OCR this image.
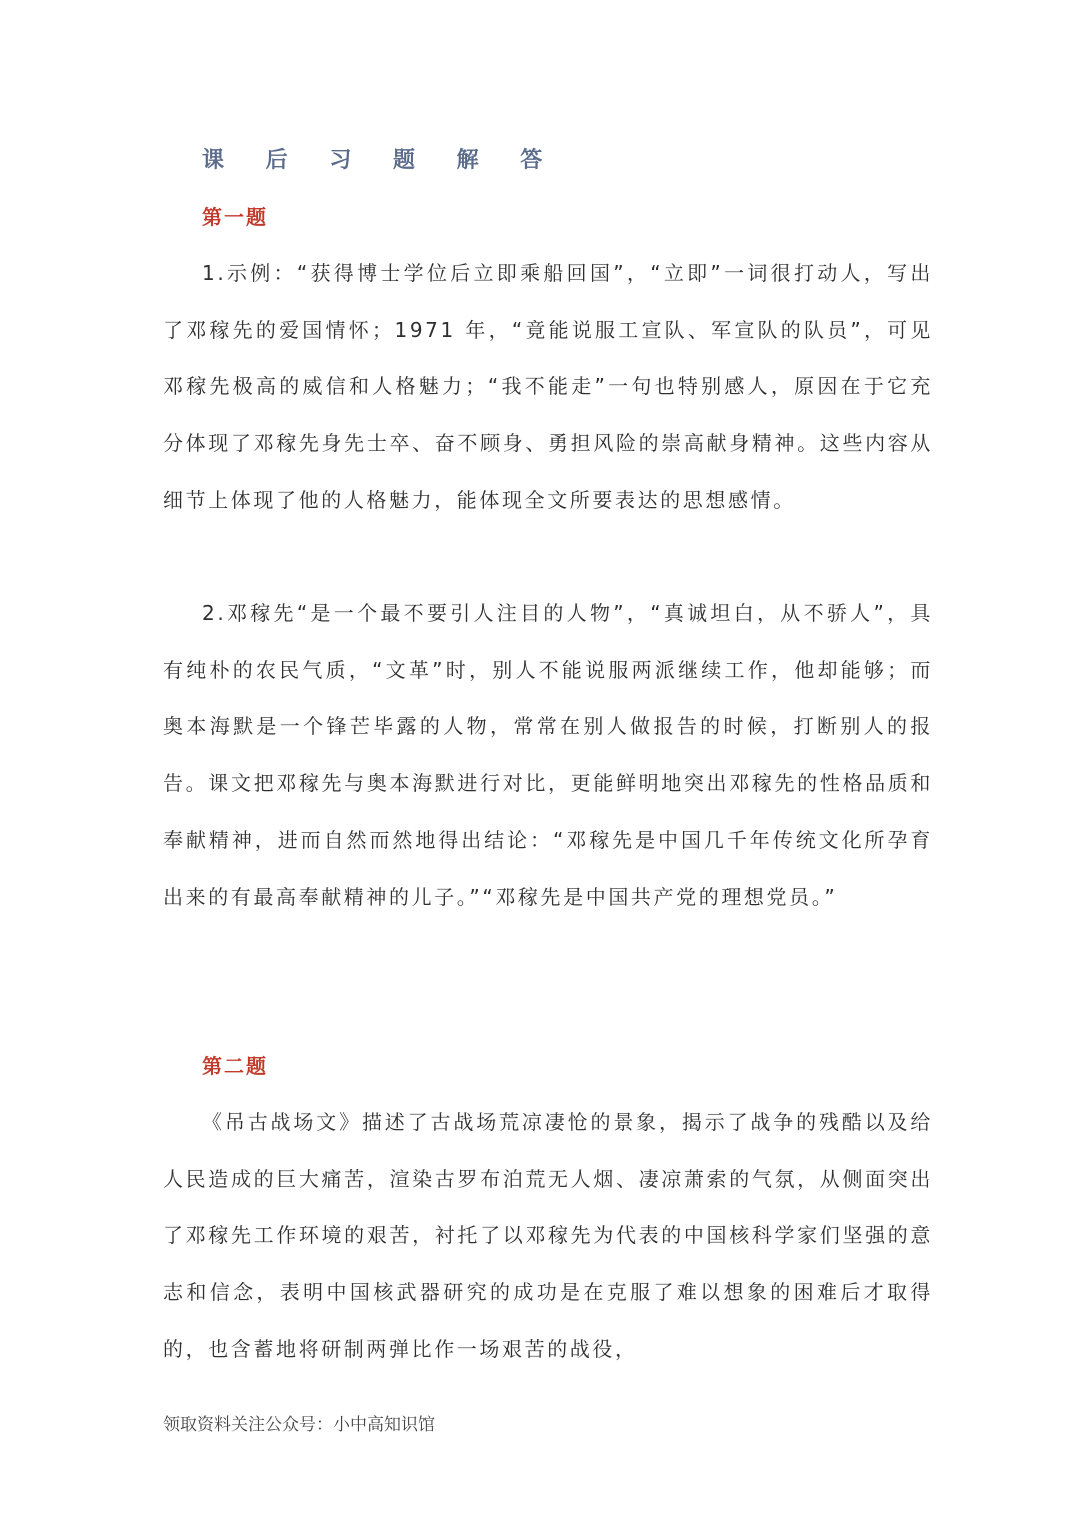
课 后 习 题 解 答
第一题

1.示例：“获得博士学位后立即乘船回国”，“立即”一词很打动人，写出了邓稼先的爱国情怀；1971 年，“竟能说服工宣队、军宣队的队员”，可见邓稼先极高的威信和人格魅力；“我不能走”一句也特别感人，原因在于它充分体现了邓稼先身先士卒、奋不顾身、勇担风险的崇高献身精神。这些内容从细节上体现了他的人格魅力，能体现全文所要表达的思想感情。

2.邓稼先“是一个最不要引人注目的人物”，“真诚坦白，从不骄人”，具有纯朴的农民气质，“文革”时，别人不能说服两派继续工作，他却能够；而奥本海默是一个锋芒毕露的人物，常常在别人做报告的时候，打断别人的报告。课文把邓稼先与奥本海默进行对比，更能鲜明地突出邓稼先的性格品质和奉献精神，进而自然而然地得出结论：“邓稼先是中国几千年传统文化所孕育出来的有最高奉献精神的儿子。”“邓稼先是中国共产党的理想党员。”

第二题

《吊古战场文》描述了古战场荒凉凄怆的景象，揭示了战争的残酷以及给人民造成的巨大痛苦，渲染古罗布泊荒无人烟、凄凉萧索的气氛，从侧面突出了邓稼先工作环境的艰苦，衬托了以邓稼先为代表的中国核科学家们坚强的意志和信念，表明中国核武器研究的成功是在克服了难以想象的困难后才取得的，也含蓄地将研制两弹比作一场艰苦的战役，

领取资料关注公众号：小中高知识馆
